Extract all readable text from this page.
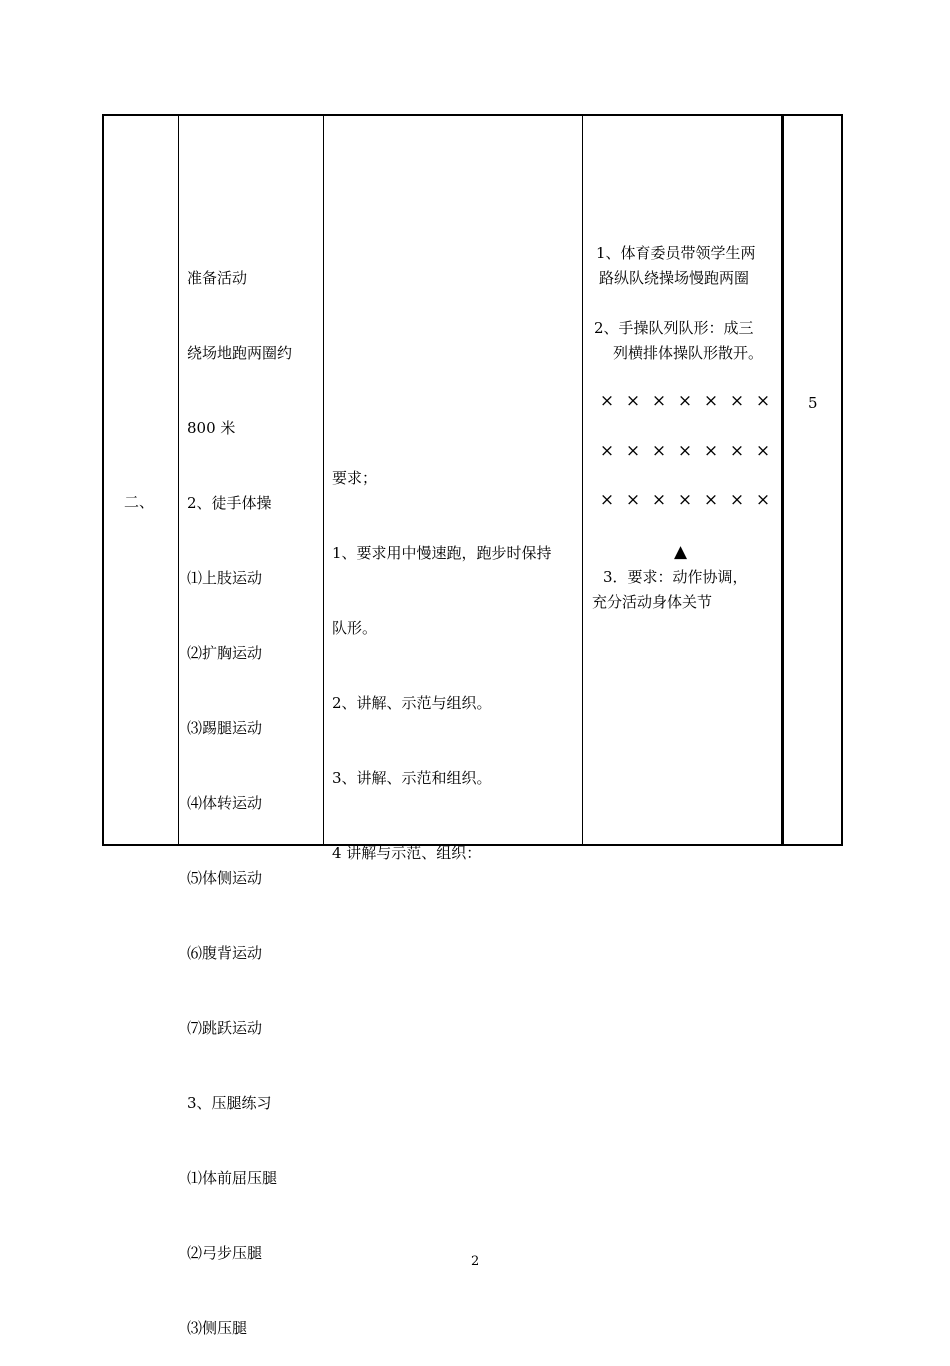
二、

准备活动

绕场地跑两圈约

800 米

2、徒手体操

⑴上肢运动

⑵扩胸运动

⑶踢腿运动

⑷体转运动

⑸体侧运动

⑹腹背运动

⑺跳跃运动

3、压腿练习

⑴体前屈压腿

⑵弓步压腿

⑶侧压腿

要求；

1、要求用中慢速跑，跑步时保持

队形。

2、讲解、示范与组织。

3、讲解、示范和组织。

4 讲解与示范、组织：

1、体育委员带领学生两
路纵队绕操场慢跑两圈
2、手操队列队形：成三
列横排体操队形散开。
× × × × × × ×
× × × × × × ×
× × × × × × ×
▲
3．要求：动作协调，
充分活动身体关节
5
2
